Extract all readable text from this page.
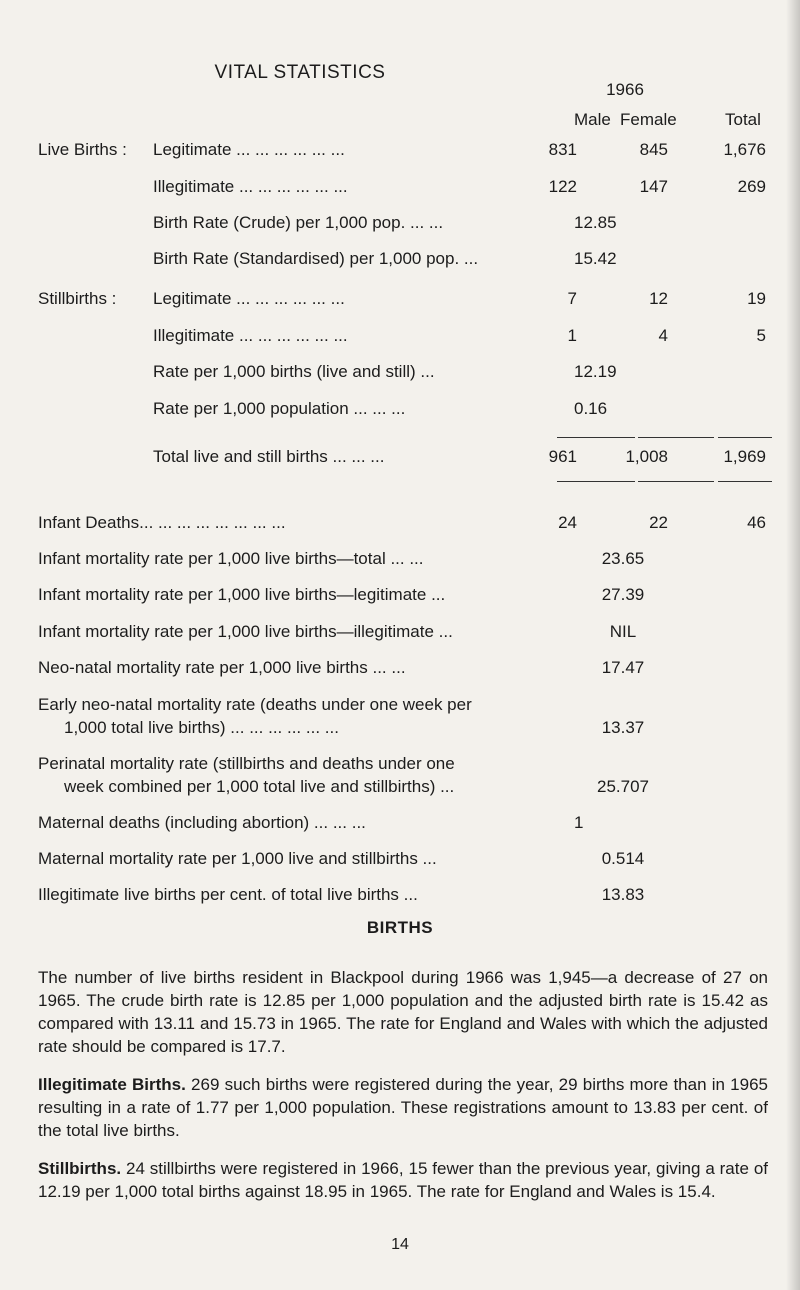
VITAL STATISTICS
1966
Male Female	Total
Live Births : Legitimate ... ... ... ... ... ...	831	845	1,676
Illegitimate ... ... ... ... ... ...	122	147	269
Birth Rate (Crude) per 1,000 pop. ... ...	12.85
Birth Rate (Standardised) per 1,000 pop. ...	15.42
Stillbirths : Legitimate ... ... ... ... ... ...	7	12	19
Illegitimate ... ... ... ... ... ...	1	4	5
Rate per 1,000 births (live and still) ...	12.19
Rate per 1,000 population ... ... ...	0.16
Total live and still births ... ... ...	961	1,008	1,969
Infant Deaths... ... ... ... ... ... ... ...	24	22	46
Infant mortality rate per 1,000 live births—total ... ...	23.65
Infant mortality rate per 1,000 live births—legitimate ...	27.39
Infant mortality rate per 1,000 live births—illegitimate ...	NIL
Neo-natal mortality rate per 1,000 live births ... ...	17.47
Early neo-natal mortality rate (deaths under one week per
1,000 total live births) ... ... ... ... ... ...	13.37
Perinatal mortality rate (stillbirths and deaths under one
week combined per 1,000 total live and stillbirths) ...	25.707
Maternal deaths (including abortion) ... ... ...	1
Maternal mortality rate per 1,000 live and stillbirths ...	0.514
Illegitimate live births per cent. of total live births ...	13.83
BIRTHS
The number of live births resident in Blackpool during 1966 was 1,945—a decrease of 27 on 1965. The crude birth rate is 12.85 per 1,000 population and the adjusted birth rate is 15.42 as compared with 13.11 and 15.73 in 1965. The rate for England and Wales with which the adjusted rate should be compared is 17.7.
Illegitimate Births. 269 such births were registered during the year, 29 births more than in 1965 resulting in a rate of 1.77 per 1,000 population. These registrations amount to 13.83 per cent. of the total live births.
Stillbirths. 24 stillbirths were registered in 1966, 15 fewer than the previous year, giving a rate of 12.19 per 1,000 total births against 18.95 in 1965. The rate for England and Wales is 15.4.
14
